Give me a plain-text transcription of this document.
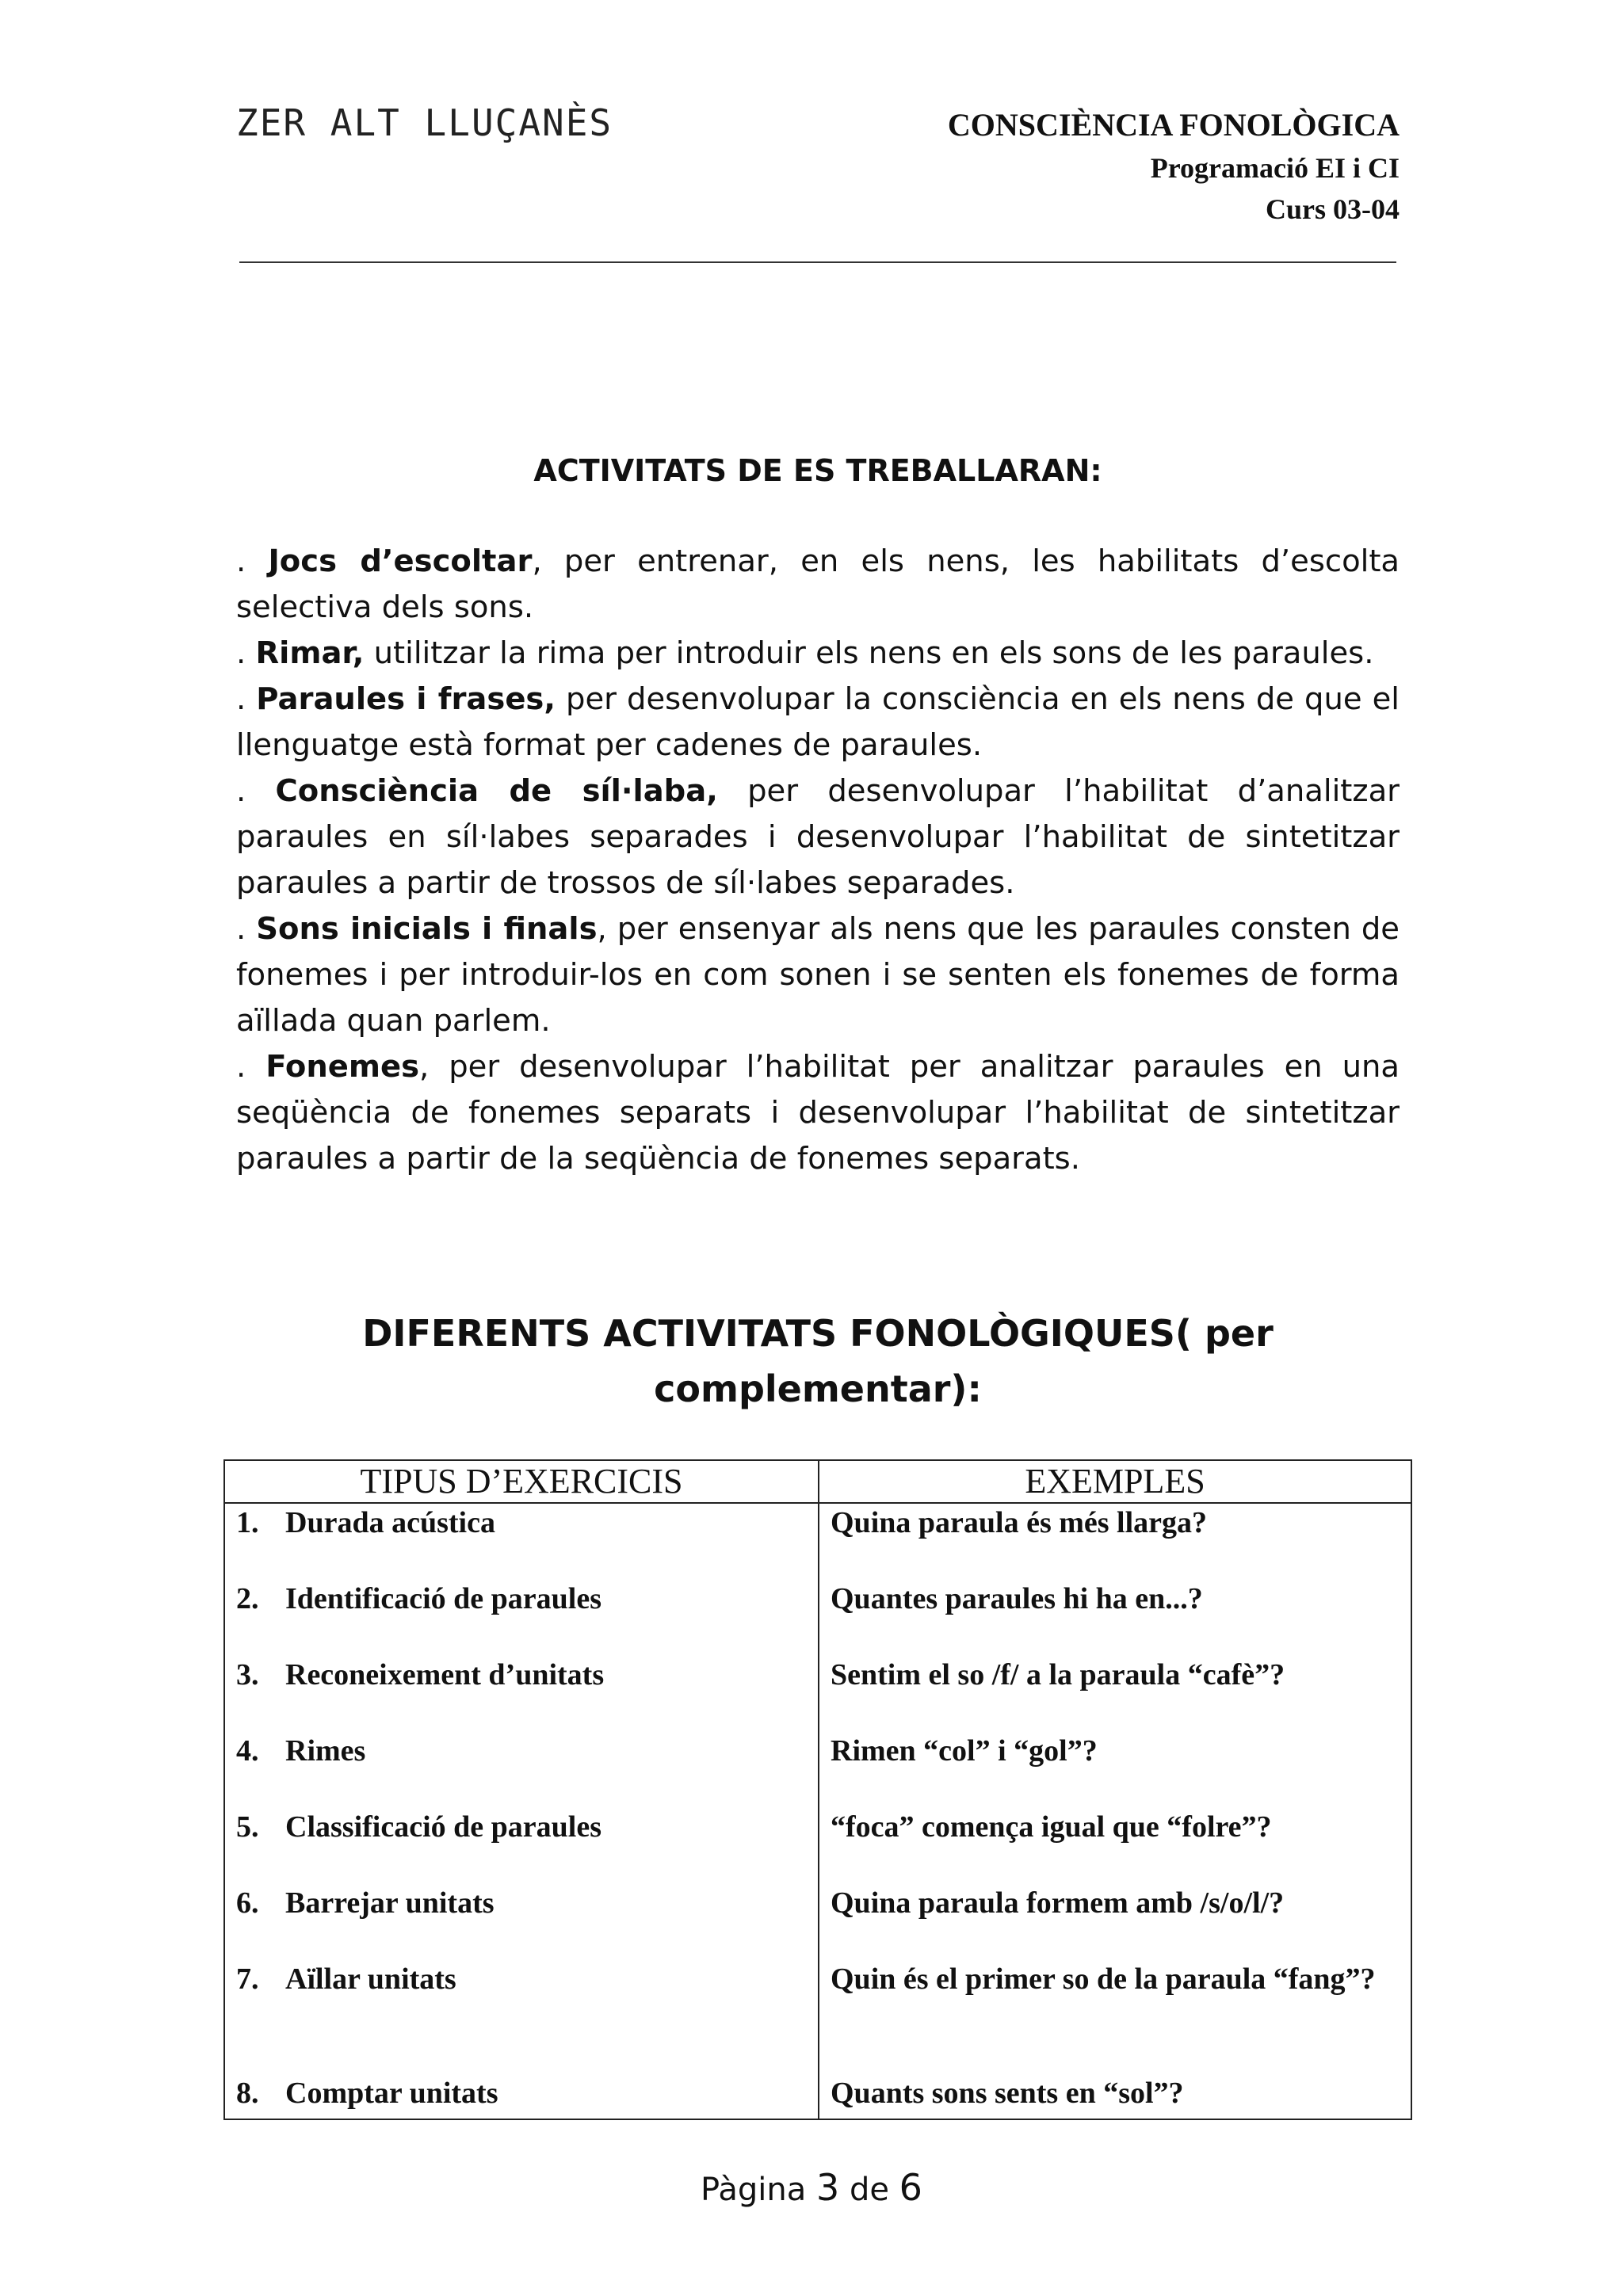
ZER ALT LLUÇANÈS	CONSCIÈNCIA FONOLÒGICA
Programació EI i CI
Curs 03-04
ACTIVITATS DE ES TREBALLARAN:

. Jocs d’escoltar, per entrenar, en els nens, les habilitats d’escolta selectiva dels sons.

. Rimar, utilitzar la rima per introduir els nens en els sons de les paraules.

. Paraules i frases, per desenvolupar la consciència en els nens de que el llenguatge està format per cadenes de paraules.

. Consciència de síl·laba, per desenvolupar l’habilitat d’analitzar paraules en síl·labes separades i desenvolupar l’habilitat de sintetitzar paraules a partir de trossos de síl·labes separades.

. Sons inicials i finals, per ensenyar als nens que les paraules consten de fonemes i per introduir-los en com sonen i se senten els fonemes de forma aïllada quan parlem.

. Fonemes, per desenvolupar l’habilitat per analitzar paraules en una seqüència de fonemes separats i desenvolupar l’habilitat de sintetitzar paraules a partir de la seqüència de fonemes separats.

DIFERENTS ACTIVITATS FONOLÒGIQUES( per
complementar):
TIPUS D’EXERCICIS	EXEMPLES
1. Durada acústica	Quina paraula és més llarga?
2. Identificació de paraules	Quantes paraules hi ha en...?
3. Reconeixement d’unitats	Sentim el so /f/ a la paraula “cafè”?
4. Rimes	Rimen “col” i “gol”?
5. Classificació de paraules	“foca” comença igual que “folre”?
6. Barrejar unitats	Quina paraula formem amb /s/o/l/?
7. Aïllar unitats	Quin és el primer so de la paraula “fang”?
8. Comptar unitats	Quants sons sents en “sol”?
Pàgina 3 de 6
